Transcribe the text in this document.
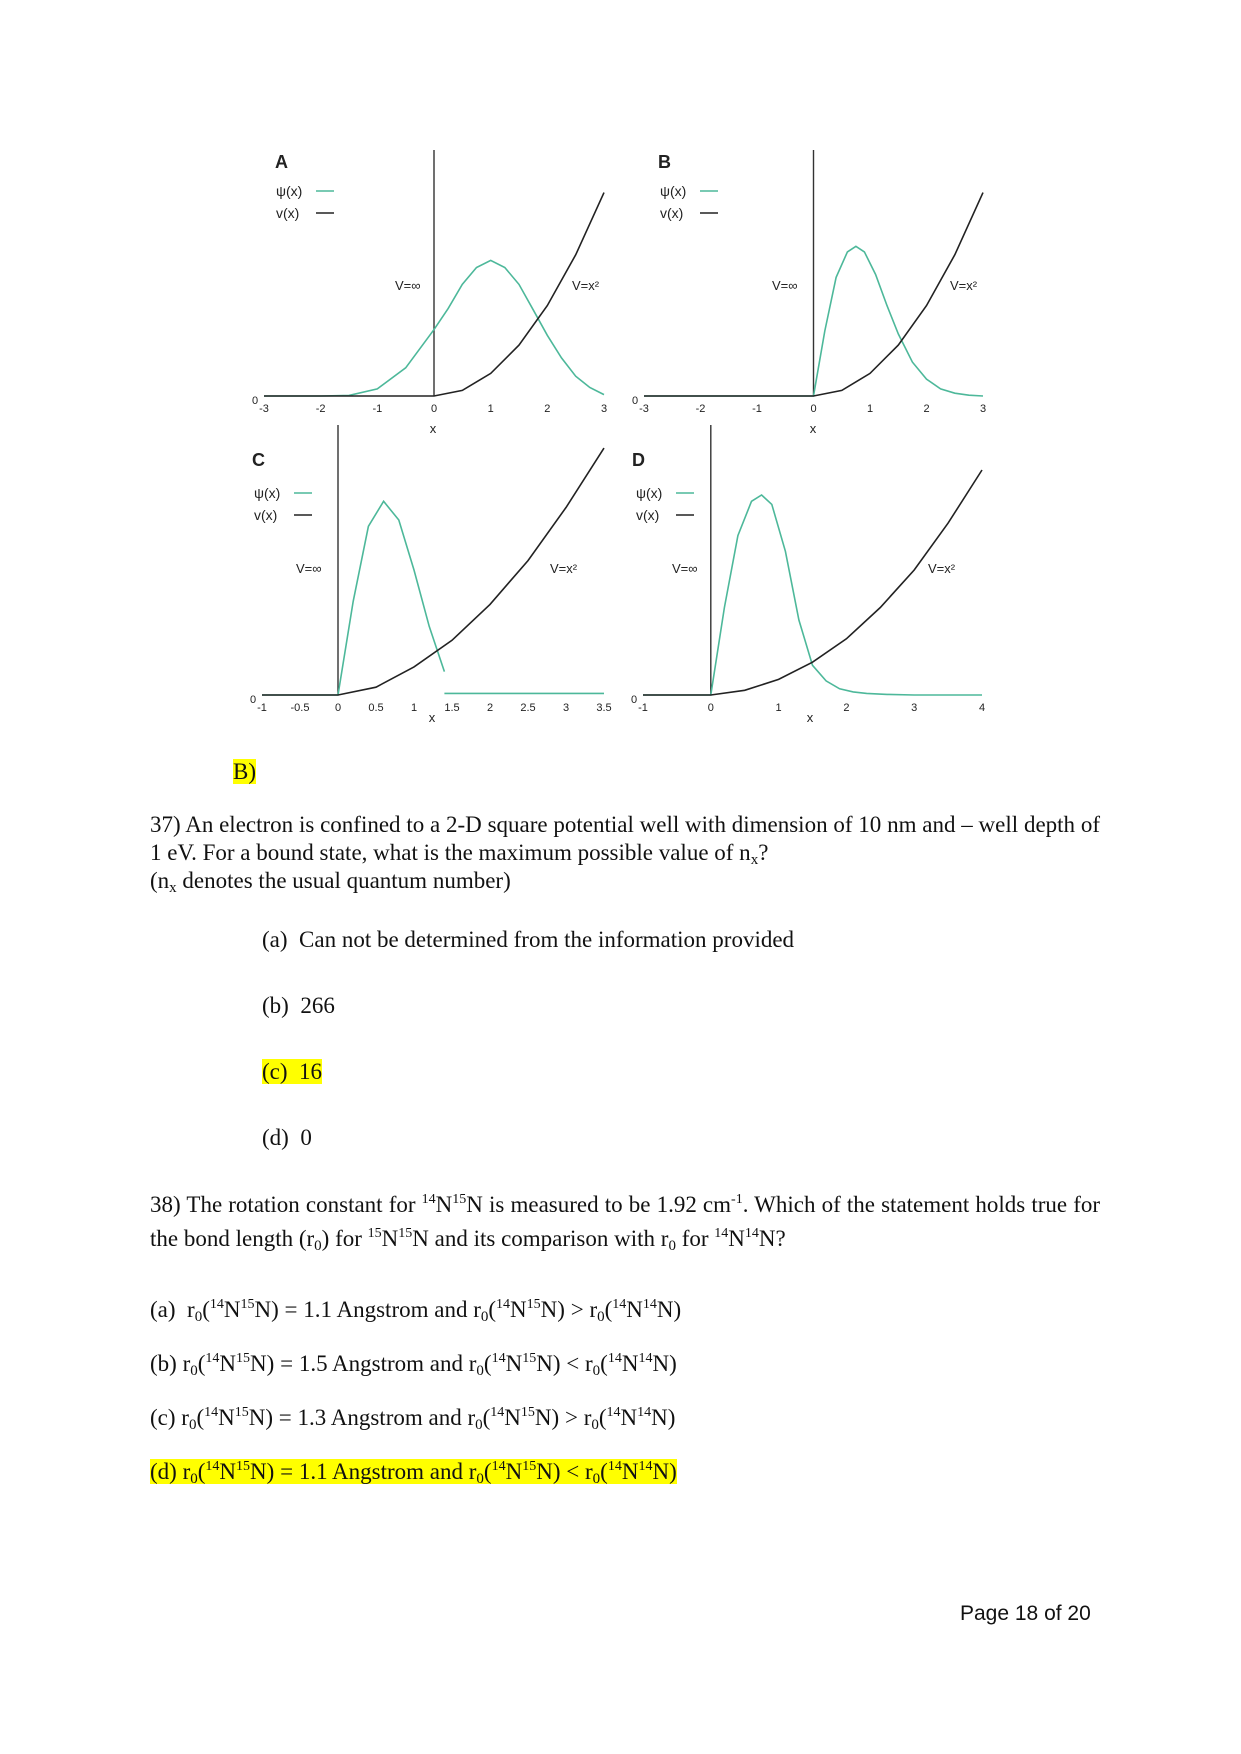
-3	-2	-1	0	1	2	3
0
x
A
ψ(x)
v(x)
V=∞	V=x²
-3	-2	-1	0	1	2	3
0
x
B
ψ(x)
v(x)
V=∞	V=x²
-1 -0.5 0 0.5 1 1.5 2 2.5 3 3.5
0
x
C
ψ(x)
v(x)
V=∞	V=x²
-1	0	1	2	3	4
0
x
D
ψ(x)
v(x)
V=∞	V=x²
B)
37) An electron is confined to a 2-D square potential well with dimension of 10 nm and – well depth of 1 eV. For a bound state, what is the maximum possible value of $n_x$?
($n_x$ denotes the usual quantum number)
(a) Can not be determined from the information provided
(b) 266
(c) 16
(d) 0
38) The rotation constant for $^{14}N^{15}N$ is measured to be 1.92 $cm^{-1}$. Which of the statement holds true for the bond length $(r_0)$ for $^{15}N^{15}N$ and its comparison with $r_0$ for $^{14}N^{14}N$?
(a) $r_0(^{14}N^{15}N) = 1.1$ Angstrom and $r_0(^{14}N^{15}N) > r_0(^{14}N^{14}N)$
(b) $r_0(^{14}N^{15}N) = 1.5$ Angstrom and $r_0(^{14}N^{15}N) < r_0(^{14}N^{14}N)$
(c) $r_0(^{14}N^{15}N) = 1.3$ Angstrom and $r_0(^{14}N^{15}N) > r_0(^{14}N^{14}N)$
(d) $r_0(^{14}N^{15}N) = 1.1$ Angstrom and $r_0(^{14}N^{15}N) < r_0(^{14}N^{14}N)$
Page 18 of 20
